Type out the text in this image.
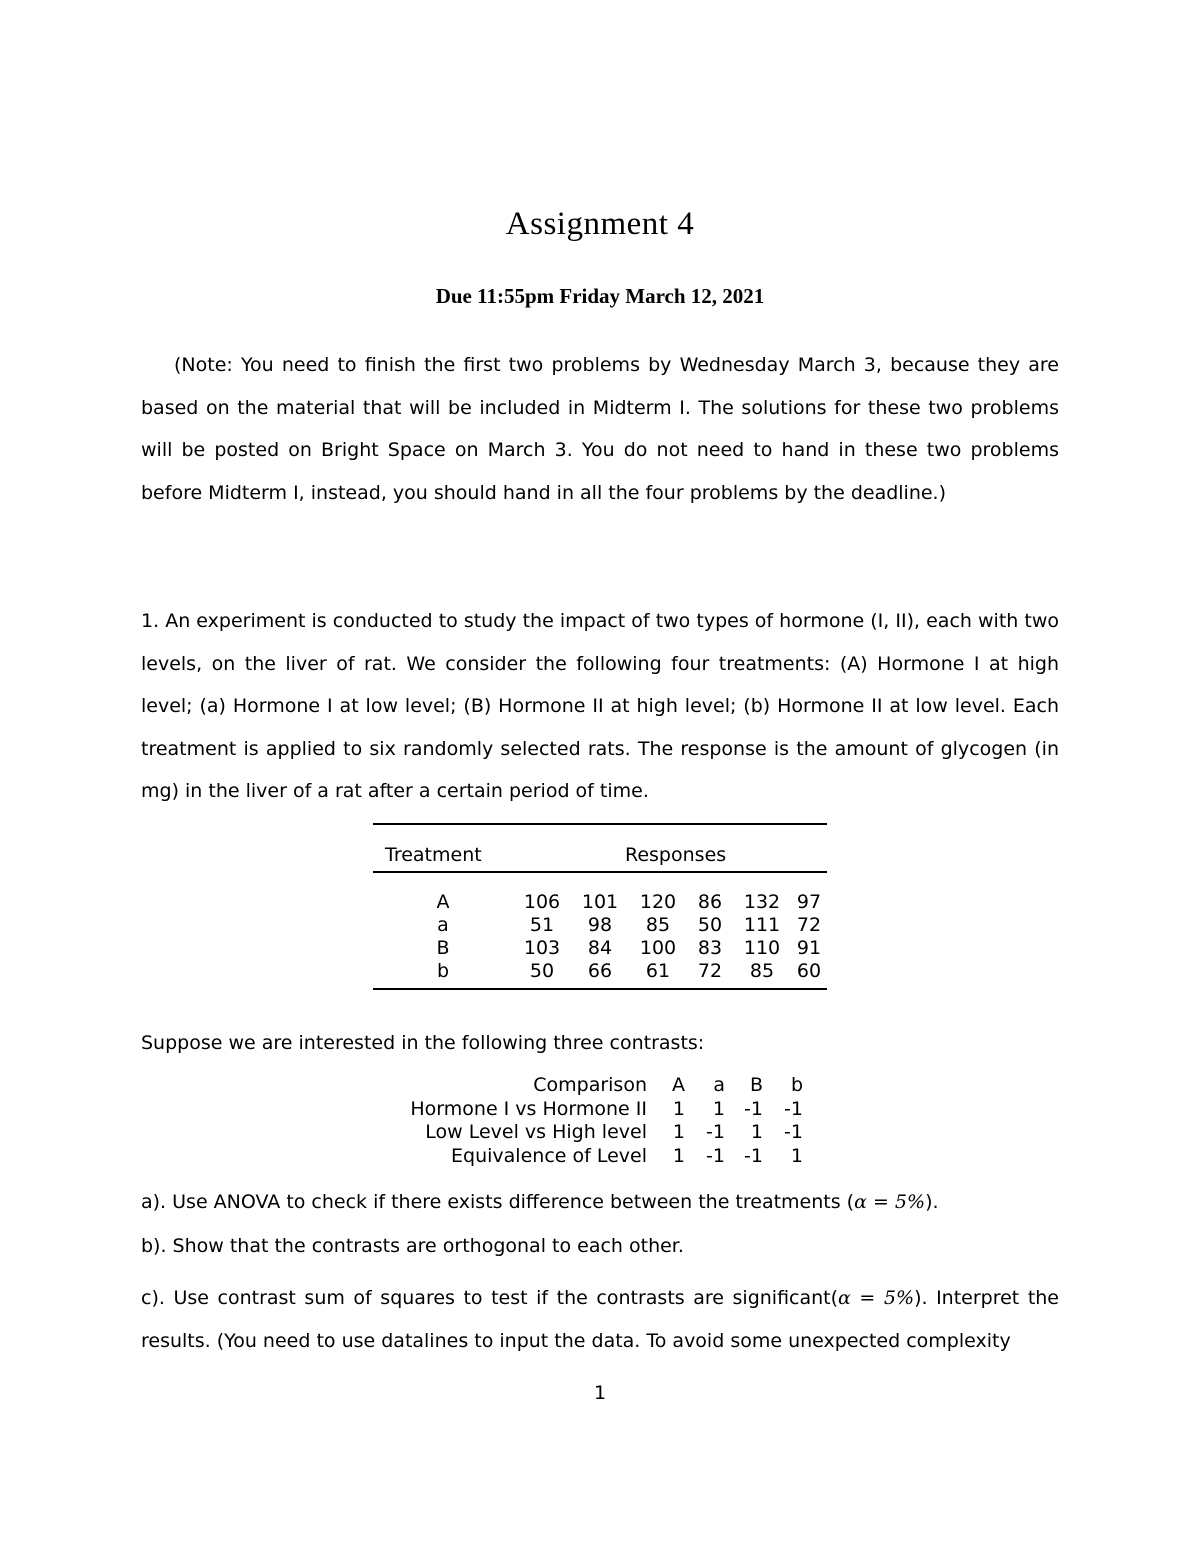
Assignment 4
Due 11:55pm Friday March 12, 2021
(Note: You need to finish the first two problems by Wednesday March 3, because they are based on the material that will be included in Midterm I. The solutions for these two problems will be posted on Bright Space on March 3. You do not need to hand in these two problems before Midterm I, instead, you should hand in all the four problems by the deadline.)
1. An experiment is conducted to study the impact of two types of hormone (I, II), each with two levels, on the liver of rat. We consider the following four treatments: (A) Hormone I at high level; (a) Hormone I at low level; (B) Hormone II at high level; (b) Hormone II at low level. Each treatment is applied to six randomly selected rats. The response is the amount of glycogen (in mg) in the liver of a rat after a certain period of time.
Treatment	Responses					

A	106	101	120	86	132	97
a	51	98	85	50	111	72
B	103	84	100	83	110	91
b	50	66	61	72	85	60
Suppose we are interested in the following three contrasts:
Comparison	A	a	B	b
Hormone I vs Hormone II	1	1	-1	-1
Low Level vs High level	1	-1	1	-1
Equivalence of Level	1	-1	-1	1
a). Use ANOVA to check if there exists difference between the treatments (α = 5%).
b). Show that the contrasts are orthogonal to each other.
c). Use contrast sum of squares to test if the contrasts are significant(α = 5%). Interpret the results. (You need to use datalines to input the data. To avoid some unexpected complexity
1
